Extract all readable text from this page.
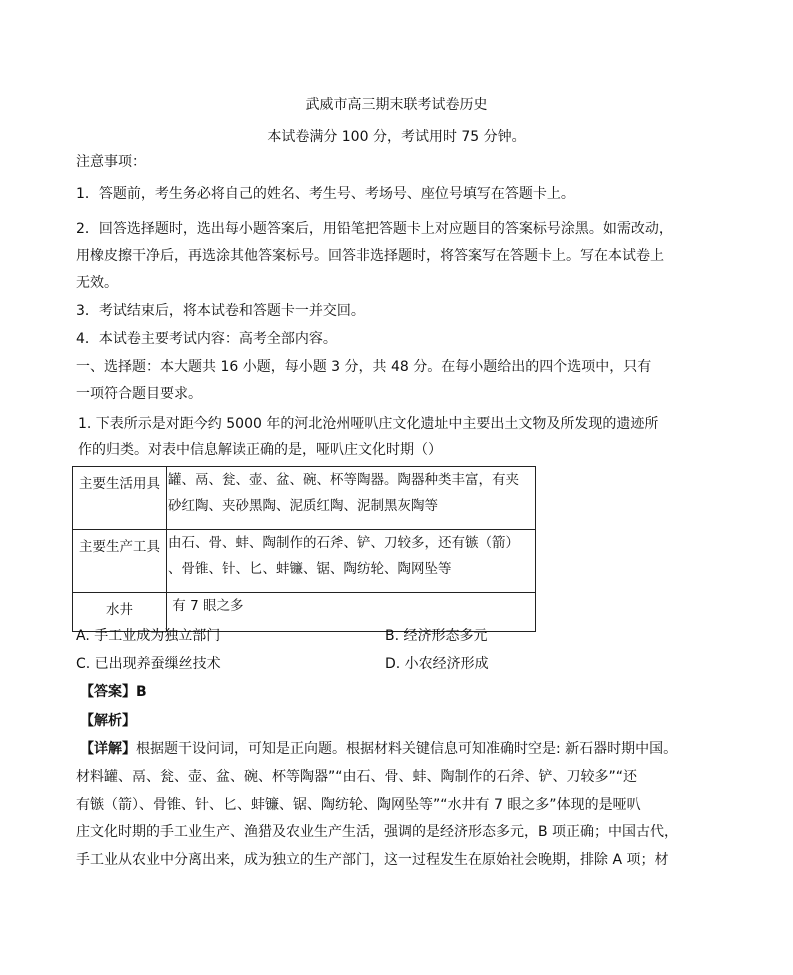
武威市高三期末联考试卷历史
本试卷满分 100 分，考试用时 75 分钟。
注意事项：
1．答题前，考生务必将自己的姓名、考生号、考场号、座位号填写在答题卡上。
2．回答选择题时，选出每小题答案后，用铅笔把答题卡上对应题目的答案标号涂黑。如需改动，
用橡皮擦干净后，再选涂其他答案标号。回答非选择题时，将答案写在答题卡上。写在本试卷上
无效。
3．考试结束后，将本试卷和答题卡一并交回。
4．本试卷主要考试内容：高考全部内容。
一、选择题：本大题共 16 小题，每小题 3 分，共 48 分。在每小题给出的四个选项中，只有
一项符合题目要求。
1. 下表所示是对距今约 5000 年的河北沧州哑叭庄文化遗址中主要出土文物及所发现的遗迹所
作的归类。对表中信息解读正确的是，哑叭庄文化时期（）
主要生活用具	罐、鬲、瓮、壶、盆、碗、杯等陶器。陶器种类丰富，有夹
砂红陶、夹砂黑陶、泥质红陶、泥制黑灰陶等

主要生产工具	由石、骨、蚌、陶制作的石斧、铲、刀较多，还有镞（箭）
、骨锥、针、匕、蚌镰、锯、陶纺轮、陶网坠等

水井	有 7 眼之多
A. 手工业成为独立部门	B. 经济形态多元
C. 已出现养蚕缫丝技术	D. 小农经济形成
【答案】B
【解析】
【详解】根据题干设问词，可知是正向题。根据材料关键信息可知准确时空是: 新石器时期中国。
材料罐、鬲、瓮、壶、盆、碗、杯等陶器”“由石、骨、蚌、陶制作的石斧、铲、刀较多”“还
有镞（箭）、骨锥、针、匕、蚌镰、锯、陶纺轮、陶网坠等”“水井有 7 眼之多”体现的是哑叭
庄文化时期的手工业生产、渔猎及农业生产生活，强调的是经济形态多元，B 项正确；中国古代，
手工业从农业中分离出来，成为独立的生产部门，这一过程发生在原始社会晚期，排除 A 项；材
